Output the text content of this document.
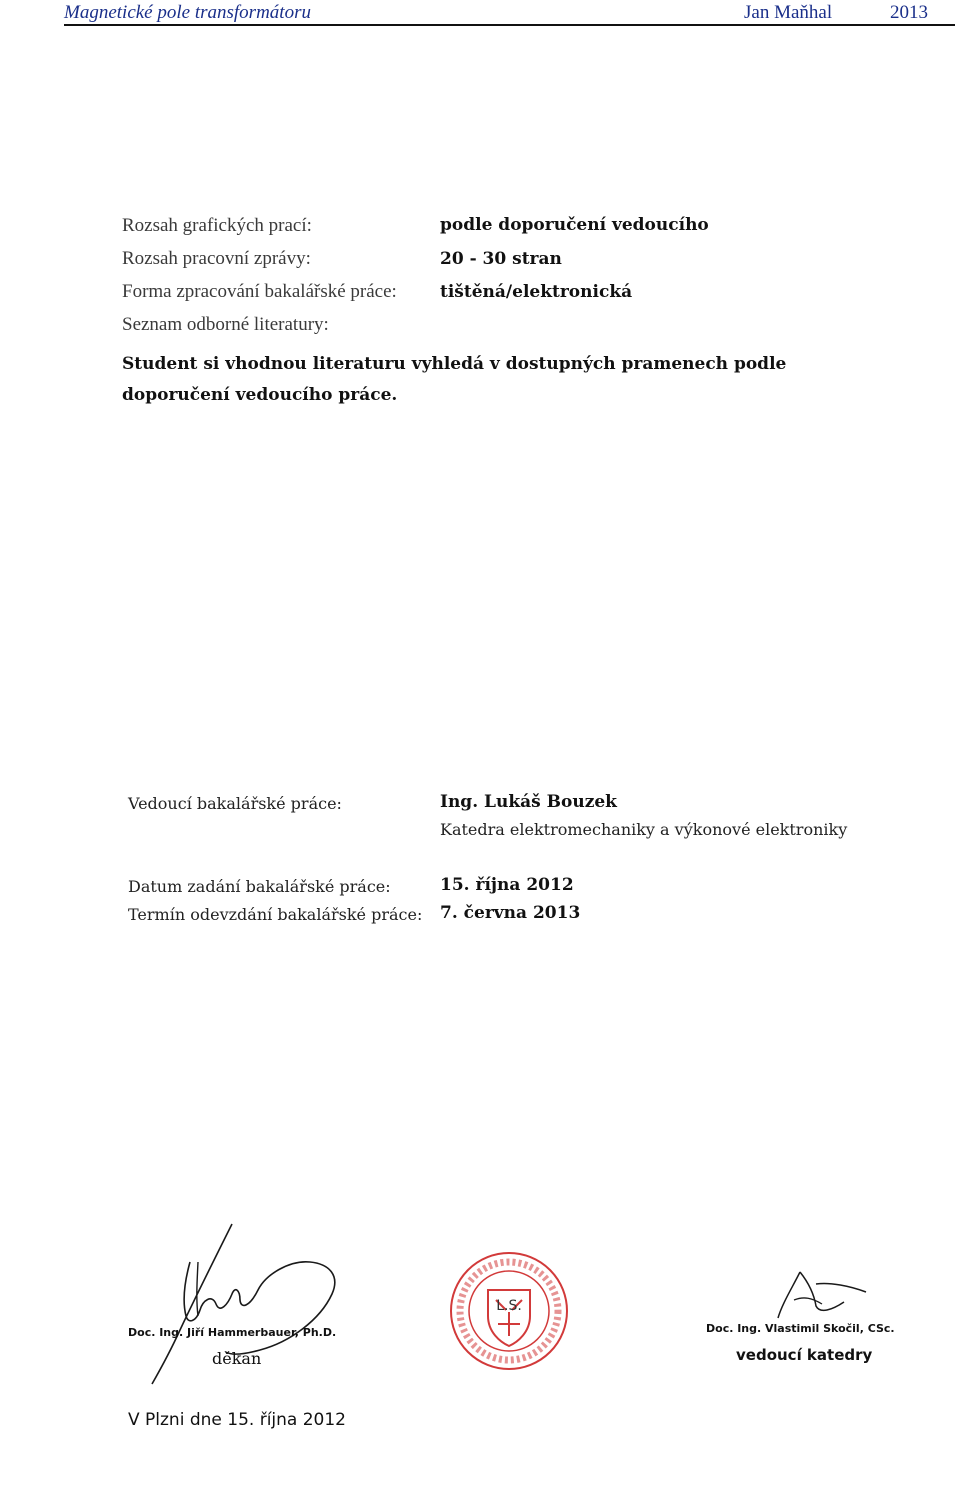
Magnetické pole transformátoru	Jan Maňhal	2013
Rozsah grafických prací:	podle doporučení vedoucího
Rozsah pracovní zprávy:	20 - 30 stran
Forma zpracování bakalářské práce:	tištěná/elektronická
Seznam odborné literatury:
Student si vhodnou literaturu vyhledá v dostupných pramenech podle
doporučení vedoucího práce.
Vedoucí bakalářské práce:	Ing. Lukáš Bouzek
Katedra elektromechaniky a výkonové elektroniky
Datum zadání bakalářské práce:	15. října 2012
Termín odevzdání bakalářské práce: 7. června 2013
Doc. Ing. Jiří Hammerbauer, Ph.D.
děkan
L.S.
Doc. Ing. Vlastimil Skočil, CSc.
vedoucí katedry
V Plzni dne 15. října 2012
